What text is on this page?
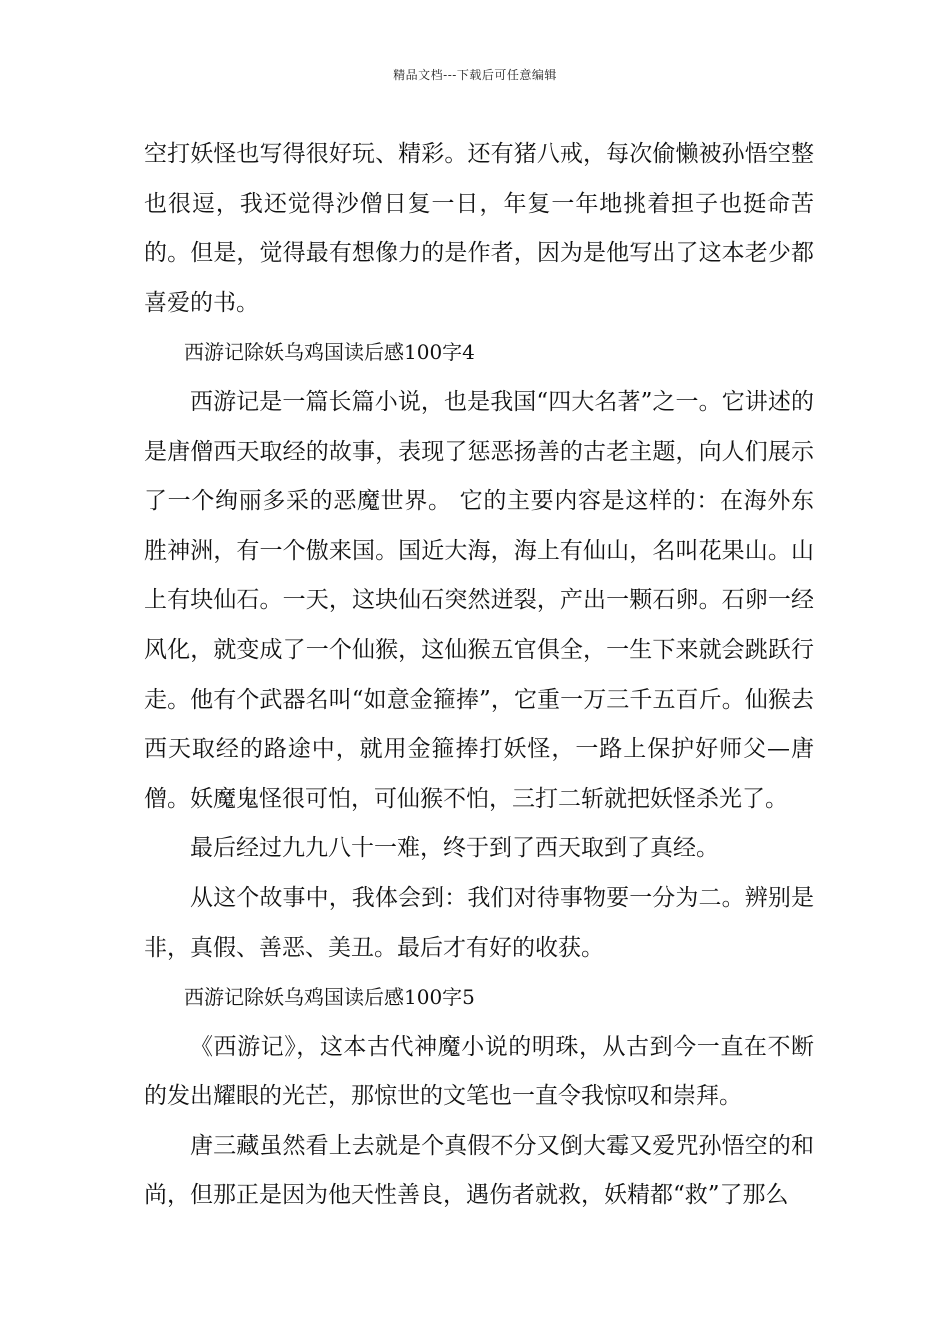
精品文档---下载后可任意编辑

空打妖怪也写得很好玩、精彩。还有猪八戒，每次偷懒被孙悟空整也很逗，我还觉得沙僧日复一日，年复一年地挑着担子也挺命苦的。但是，觉得最有想像力的是作者，因为是他写出了这本老少都喜爱的书。

西游记除妖乌鸡国读后感100字4

西游记是一篇长篇小说，也是我国“四大名著”之一。它讲述的是唐僧西天取经的故事，表现了惩恶扬善的古老主题，向人们展示了一个绚丽多采的恶魔世界。 它的主要内容是这样的：在海外东胜神洲，有一个傲来国。国近大海，海上有仙山，名叫花果山。山上有块仙石。一天，这块仙石突然迸裂，产出一颗石卵。石卵一经风化，就变成了一个仙猴，这仙猴五官俱全，一生下来就会跳跃行走。他有个武器名叫“如意金箍捧”，它重一万三千五百斤。仙猴去西天取经的路途中，就用金箍捧打妖怪，一路上保护好师父—唐僧。妖魔鬼怪很可怕，可仙猴不怕，三打二斩就把妖怪杀光了。

最后经过九九八十一难，终于到了西天取到了真经。

从这个故事中，我体会到：我们对待事物要一分为二。辨别是非，真假、善恶、美丑。最后才有好的收获。

西游记除妖乌鸡国读后感100字5

《西游记》，这本古代神魔小说的明珠，从古到今一直在不断的发出耀眼的光芒，那惊世的文笔也一直令我惊叹和崇拜。

唐三藏虽然看上去就是个真假不分又倒大霉又爱咒孙悟空的和尚，但那正是因为他天性善良，遇伤者就救，妖精都“救”了那么
